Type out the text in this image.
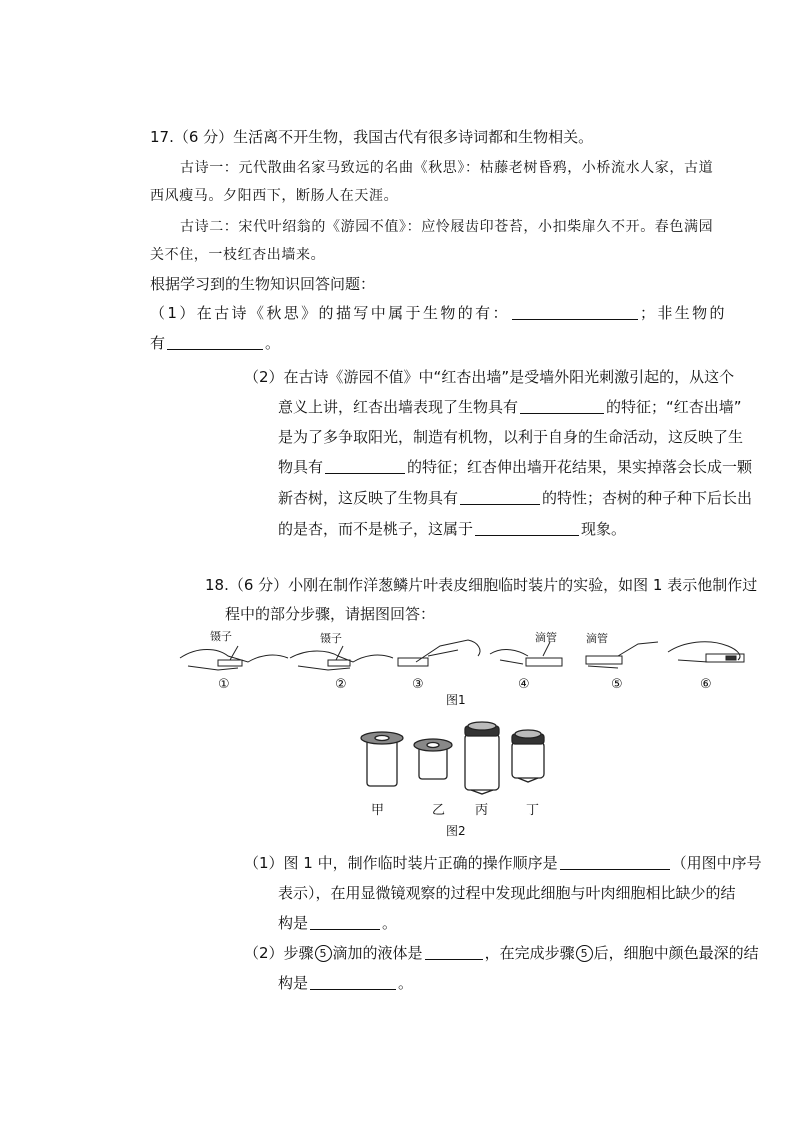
17.（6 分）生活离不开生物，我国古代有很多诗词都和生物相关。
古诗一：元代散曲名家马致远的名曲《秋思》：枯藤老树昏鸦，小桥流水人家，古道
西风瘦马。夕阳西下，断肠人在天涯。
古诗二：宋代叶绍翁的《游园不值》：应怜屐齿印苍苔，小扣柴扉久不开。春色满园
关不住，一枝红杏出墙来。
根据学习到的生物知识回答问题：
（1）在古诗《秋思》的描写中属于生物的有：	；非生物的
有	。
（2）在古诗《游园不值》中“红杏出墙”是受墙外阳光刺激引起的，从这个
意义上讲，红杏出墙表现了生物具有	的特征；“红杏出墙”
是为了多争取阳光，制造有机物，以利于自身的生命活动，这反映了生
物具有	的特征；红杏伸出墙开花结果，果实掉落会长成一颗
新杏树，这反映了生物具有	的特性；杏树的种子种下后长出
的是杏，而不是桃子，这属于	现象。
18.（6 分）小刚在制作洋葱鳞片叶表皮细胞临时装片的实验，如图 1 表示他制作过
程中的部分步骤，请据图回答：
镊子	镊子	滴管	滴管
①	②	③	④	⑤	⑥
图1
甲	乙 丙	丁
图2
（1）图 1 中，制作临时装片正确的操作顺序是	（用图中序号
表示），在用显微镜观察的过程中发现此细胞与叶肉细胞相比缺少的结
构是	。
（2）步骤 5 滴加的液体是	，在完成步骤 5 后，细胞中颜色最深的结
构是	。
